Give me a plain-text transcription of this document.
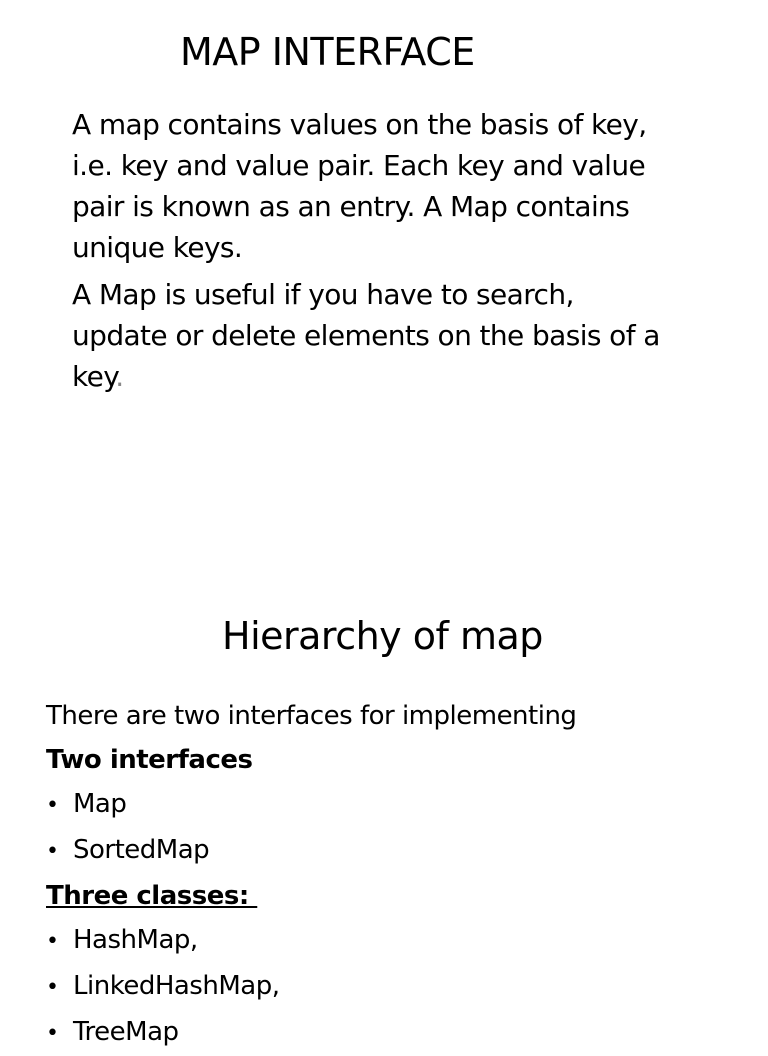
MAP INTERFACE

A map contains values on the basis of key, i.e. key and value pair. Each key and value pair is known as an entry. A Map contains unique keys.

A Map is useful if you have to search, update or delete elements on the basis of a key.

Hierarchy of map

There are two interfaces for implementing

Two interfaces

• Map
• SortedMap

Three classes:

• HashMap,
• LinkedHashMap,
• TreeMap
